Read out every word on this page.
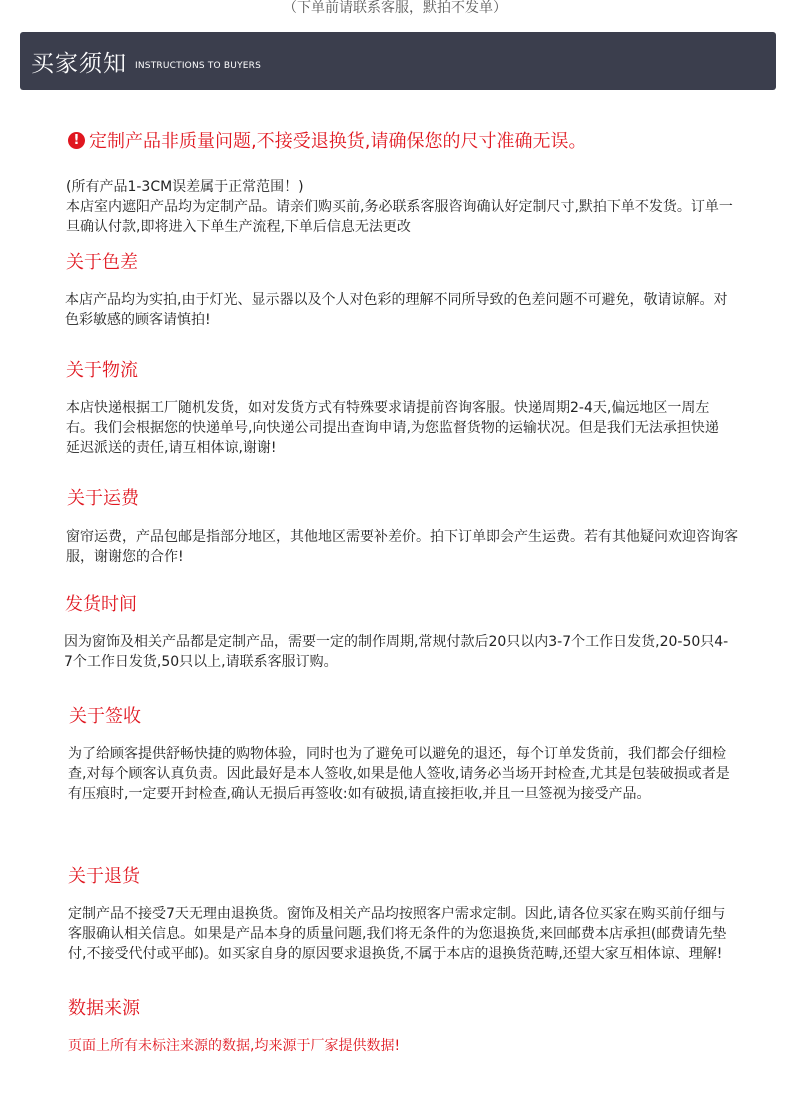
（下单前请联系客服，默拍不发单）
买家须知 INSTRUCTIONS TO BUYERS
! 定制产品非质量问题,不接受退换货,请确保您的尺寸准确无误。

(所有产品1-3CM误差属于正常范围！)

本店室内遮阳产品均为定制产品。请亲们购买前,务必联系客服咨询确认好定制尺寸,默拍下单不发货。订单一旦确认付款,即将进入下单生产流程,下单后信息无法更改

关于色差
本店产品均为实拍,由于灯光、显示器以及个人对色彩的理解不同所导致的色差问题不可避免，敬请谅解。对色彩敏感的顾客请慎拍!
关于物流
本店快递根据工厂随机发货，如对发货方式有特殊要求请提前咨询客服。快递周期2-4天,偏远地区一周左右。我们会根据您的快递单号,向快递公司提出查询申请,为您监督货物的运输状况。但是我们无法承担快递延迟派送的责任,请互相体谅,谢谢!
关于运费
窗帘运费，产品包邮是指部分地区，其他地区需要补差价。拍下订单即会产生运费。若有其他疑问欢迎咨询客服，谢谢您的合作!
发货时间
因为窗饰及相关产品都是定制产品，需要一定的制作周期,常规付款后20只以内3-7个工作日发货,20-50只4-7个工作日发货,50只以上,请联系客服订购。
关于签收
为了给顾客提供舒畅快捷的购物体验，同时也为了避免可以避免的退还，每个订单发货前，我们都会仔细检查,对每个顾客认真负责。因此最好是本人签收,如果是他人签收,请务必当场开封检查,尤其是包装破损或者是有压痕时,一定要开封检查,确认无损后再签收:如有破损,请直接拒收,并且一旦签视为接受产品。
关于退货
定制产品不接受7天无理由退换货。窗饰及相关产品均按照客户需求定制。因此,请各位买家在购买前仔细与客服确认相关信息。如果是产品本身的质量问题,我们将无条件的为您退换货,来回邮费本店承担(邮费请先垫付,不接受代付或平邮)。如买家自身的原因要求退换货,不属于本店的退换货范畴,还望大家互相体谅、理解!
数据来源
页面上所有未标注来源的数据,均来源于厂家提供数据!
